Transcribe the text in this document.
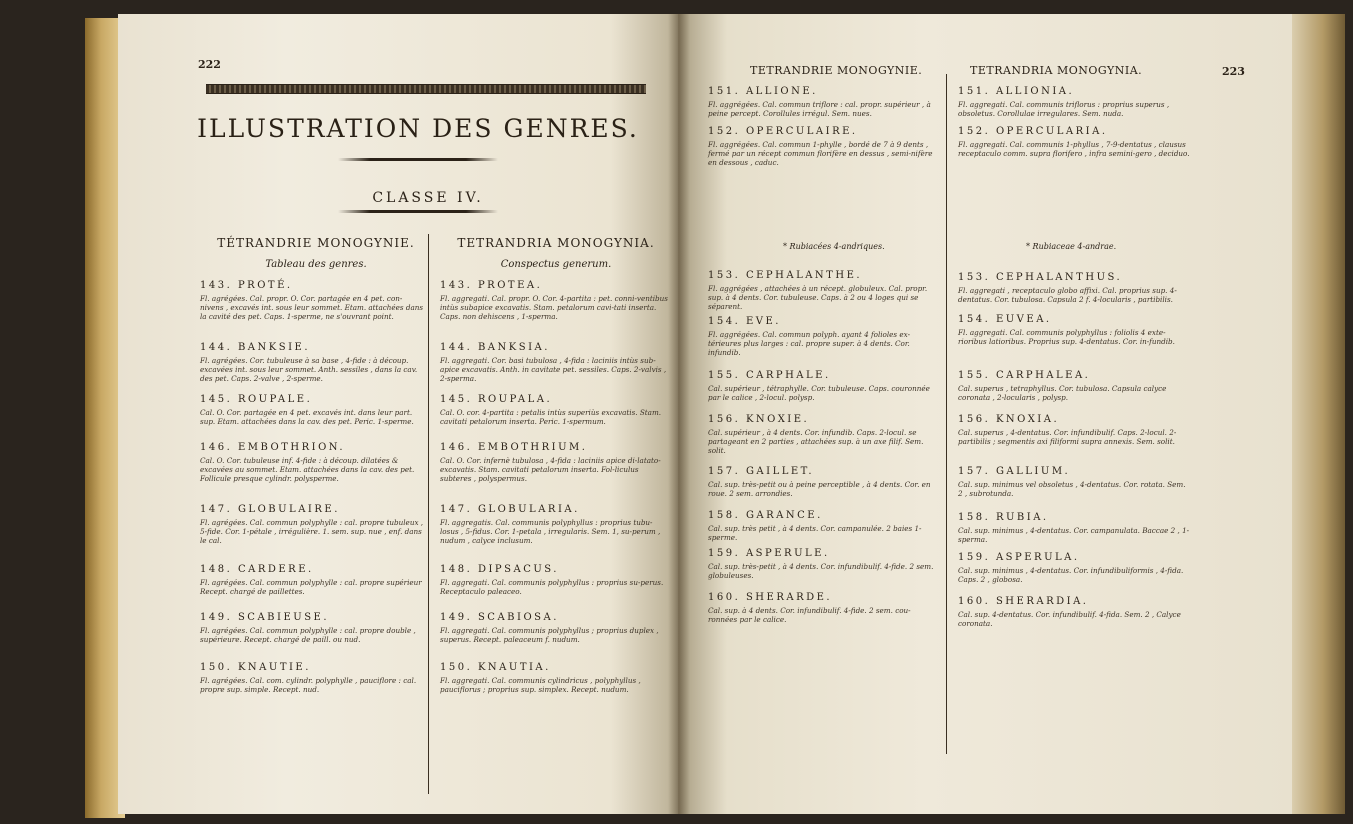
222
ILLUSTRATION DES GENRES.
CLASSE IV.
TÉTRANDRIE MONOGYNIE.
Tableau des genres.
TETRANDRIA MONOGYNIA.
Conspectus generum.
143. PROTÉ.
Fl. agrégées. Cal. propr. O. Cor. partagée en 4 pet. con-nivens , excavés int. sous leur sommet. Etam. attachées dans la cavité des pet. Caps. 1-sperme, ne s'ouvrant point.
144. BANKSIE.
Fl. agrégées. Cor. tubuleuse à sa base , 4-fide : à découp. excavées int. sous leur sommet. Anth. sessiles , dans la cav. des pet. Caps. 2-valve , 2-sperme.
145. ROUPALE.
Cal. O. Cor. partagée en 4 pet. excavés int. dans leur part. sup. Etam. attachées dans la cav. des pet. Peric. 1-sperme.
146. EMBOTHRION.
Cal. O. Cor. tubuleuse inf. 4-fide : à découp. dilatées & excavées au sommet. Etam. attachées dans la cav. des pet. Follicule presque cylindr. polysperme.
147. GLOBULAIRE.
Fl. agrégées. Cal. commun polyphylle : cal. propre tubuleux , 5-fide. Cor. 1-pétale , irrégulière. 1. sem. sup. nue , enf. dans le cal.
148. CARDERE.
Fl. agrégées. Cal. commun polyphylle : cal. propre supérieur Recept. chargé de paillettes.
149. SCABIEUSE.
Fl. agrégées. Cal. commun polyphylle : cal. propre double , supérieure. Recept. chargé de paill. ou nud.
150. KNAUTIE.
Fl. agrégées. Cal. com. cylindr. polyphylle , pauciflore : cal. propre sup. simple. Recept. nud.
143. PROTEA.
Fl. aggregati. Cal. propr. O. Cor. 4-partita : pet. conni-ventibus intùs subapice excavatis. Stam. petalorum cavi-tati inserta. Caps. non dehiscens , 1-sperma.
144. BANKSIA.
Fl. aggregati. Cor. basi tubulosa , 4-fida : laciniis intùs sub-apice excavatis. Anth. in cavitate pet. sessiles. Caps. 2-valvis , 2-sperma.
145. ROUPALA.
Cal. O. cor. 4-partita : petalis intùs superiùs excavatis. Stam. cavitati petalorum inserta. Peric. 1-spermum.
146. EMBOTHRIUM.
Cal. O. Cor. infernè tubulosa , 4-fida : laciniis apice di-latato-excavatis. Stam. cavitati petalorum inserta. Fol-liculus subteres , polyspermus.
147. GLOBULARIA.
Fl. aggregatis. Cal. communis polyphyllus : proprius tubu-losus , 5-fidus. Cor. 1-petala , irregularis. Sem. 1, su-perum , nudum , calyce inclusum.
148. DIPSACUS.
Fl. aggregati. Cal. communis polyphyllus : proprius su-perus. Receptaculo paleaceo.
149. SCABIOSA.
Fl. aggregati. Cal. communis polyphyllus ; proprius duplex , superus. Recept. paleaceum f. nudum.
150. KNAUTIA.
Fl. aggregati. Cal. communis cylindricus , polyphyllus , pauciflorus ; proprius sup. simplex. Recept. nudum.
TETRANDRIE MONOGYNIE.	TETRANDRIA MONOGYNIA.	223
151. ALLIONE.
Fl. aggrégées. Cal. commun triflore : cal. propr. supérieur , à peine percept. Corollules irrégul. Sem. nues.
152. OPERCULAIRE.
Fl. aggrégées. Cal. commun 1-phylle , bordé de 7 à 9 dents , fermé par un récept commun florifère en dessus , semi-nifère en dessous , caduc.
153. CEPHALANTHE.
Fl. aggrégées , attachées à un récept. globuleux. Cal. propr. sup. à 4 dents. Cor. tubuleuse. Caps. à 2 ou 4 loges qui se séparent.
154. EVE.
Fl. aggrégées. Cal. commun polyph. ayant 4 folioles ex-térieures plus larges : cal. propre super. à 4 dents. Cor. infundib.
155. CARPHALE.
Cal. supérieur , tétraphylle. Cor. tubuleuse. Caps. couronnée par le calice , 2-locul. polysp.
156. KNOXIE.
Cal. supérieur , à 4 dents. Cor. infundib. Caps. 2-locul. se partageant en 2 parties , attachées sup. à un axe filif. Sem. solit.
157. GAILLET.
Cal. sup. très-petit ou à peine perceptible , à 4 dents. Cor. en roue. 2 sem. arrondies.
158. GARANCE.
Cal. sup. très petit , à 4 dents. Cor. campanulée. 2 baies 1-sperme.
159. ASPERULE.
Cal. sup. très-petit , à 4 dents. Cor. infundibulif. 4-fide. 2 sem. globuleuses.
160. SHERARDE.
Cal. sup. à 4 dents. Cor. infundibulif. 4-fide. 2 sem. cou-ronnées par le calice.
151. ALLIONIA.
Fl. aggregati. Cal. communis triflorus : proprius superus , obsoletus. Corollulae irregulares. Sem. nuda.
152. OPERCULARIA.
Fl. aggregati. Cal. communis 1-phyllus , 7-9-dentatus , clausus receptaculo comm. supra florifero , infra semini-gero , deciduo.
153. CEPHALANTHUS.
Fl. aggregati , receptaculo globo affixi. Cal. proprius sup. 4-dentatus. Cor. tubulosa. Capsula 2 f. 4-locularis , partibilis.
154. EUVEA.
Fl. aggregati. Cal. communis polyphyllus : foliolis 4 exte-rioribus latioribus. Proprius sup. 4-dentatus. Cor. in-fundib.
155. CARPHALEA.
Cal. superus , tetraphyllus. Cor. tubulosa. Capsula calyce coronata , 2-locularis , polysp.
156. KNOXIA.
Cal. superus , 4-dentatus. Cor. infundibulif. Caps. 2-locul. 2-partibilis ; segmentis axi filiformi supra annexis. Sem. solit.
157. GALLIUM.
Cal. sup. minimus vel obsoletus , 4-dentatus. Cor. rotata. Sem. 2 , subrotunda.
158. RUBIA.
Cal. sup. minimus , 4-dentatus. Cor. campanulata. Baccae 2 , 1-sperma.
159. ASPERULA.
Cal. sup. minimus , 4-dentatus. Cor. infundibuliformis , 4-fida. Caps. 2 , globosa.
160. SHERARDIA.
Cal. sup. 4-dentatus. Cor. infundibulif. 4-fida. Sem. 2 , Calyce coronata.
* Rubiacées 4-andriques.	* Rubiaceae 4-andrae.
